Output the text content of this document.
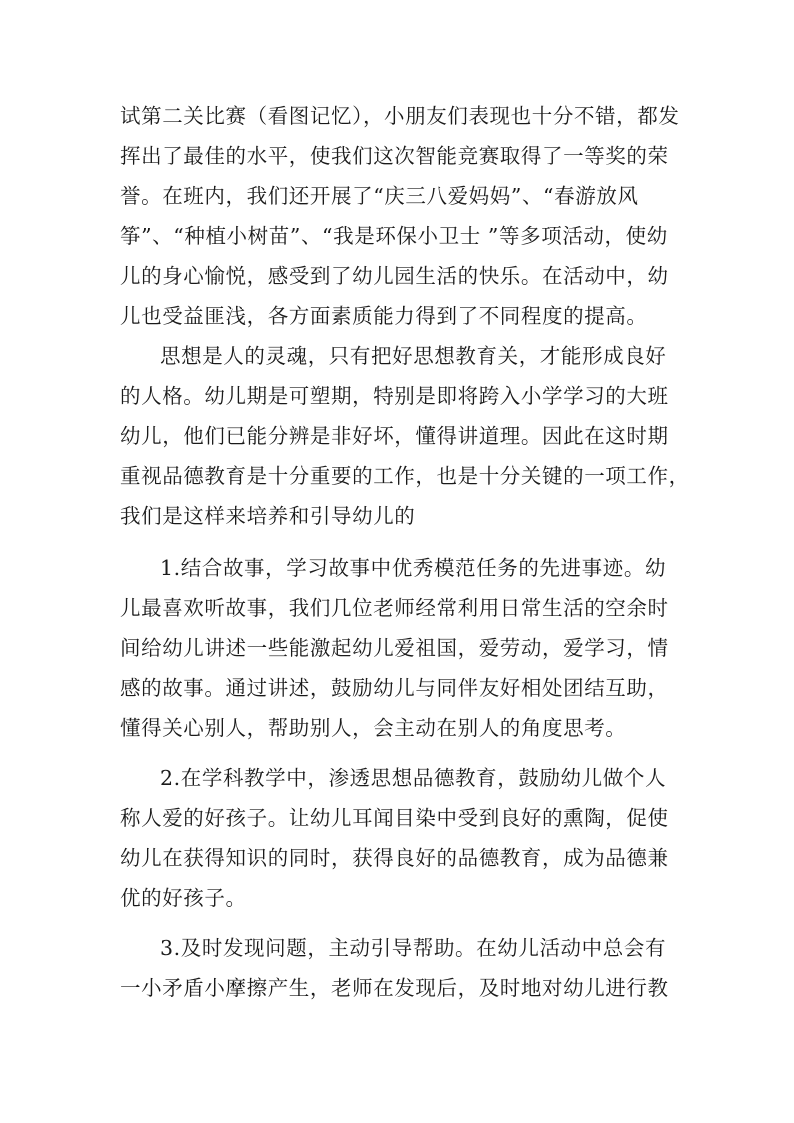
试第二关比赛（看图记忆），小朋友们表现也十分不错，都发
挥出了最佳的水平，使我们这次智能竞赛取得了一等奖的荣
誉。在班内，我们还开展了“庆三八爱妈妈”、“春游放风
筝”、“种植小树苗”、“我是环保小卫士 ”等多项活动，使幼
儿的身心愉悦，感受到了幼儿园生活的快乐。在活动中，幼
儿也受益匪浅，各方面素质能力得到了不同程度的提高。
思想是人的灵魂，只有把好思想教育关，才能形成良好
的人格。幼儿期是可塑期，特别是即将跨入小学学习的大班
幼儿，他们已能分辨是非好坏，懂得讲道理。因此在这时期
重视品德教育是十分重要的工作，也是十分关键的一项工作，
我们是这样来培养和引导幼儿的
1.结合故事，学习故事中优秀模范任务的先进事迹。幼
儿最喜欢听故事，我们几位老师经常利用日常生活的空余时
间给幼儿讲述一些能激起幼儿爱祖国，爱劳动，爱学习，情
感的故事。通过讲述，鼓励幼儿与同伴友好相处团结互助，
懂得关心别人，帮助别人，会主动在别人的角度思考。
2.在学科教学中，渗透思想品德教育，鼓励幼儿做个人
称人爱的好孩子。让幼儿耳闻目染中受到良好的熏陶，促使
幼儿在获得知识的同时，获得良好的品德教育，成为品德兼
优的好孩子。
3.及时发现问题，主动引导帮助。在幼儿活动中总会有
一小矛盾小摩擦产生，老师在发现后，及时地对幼儿进行教
